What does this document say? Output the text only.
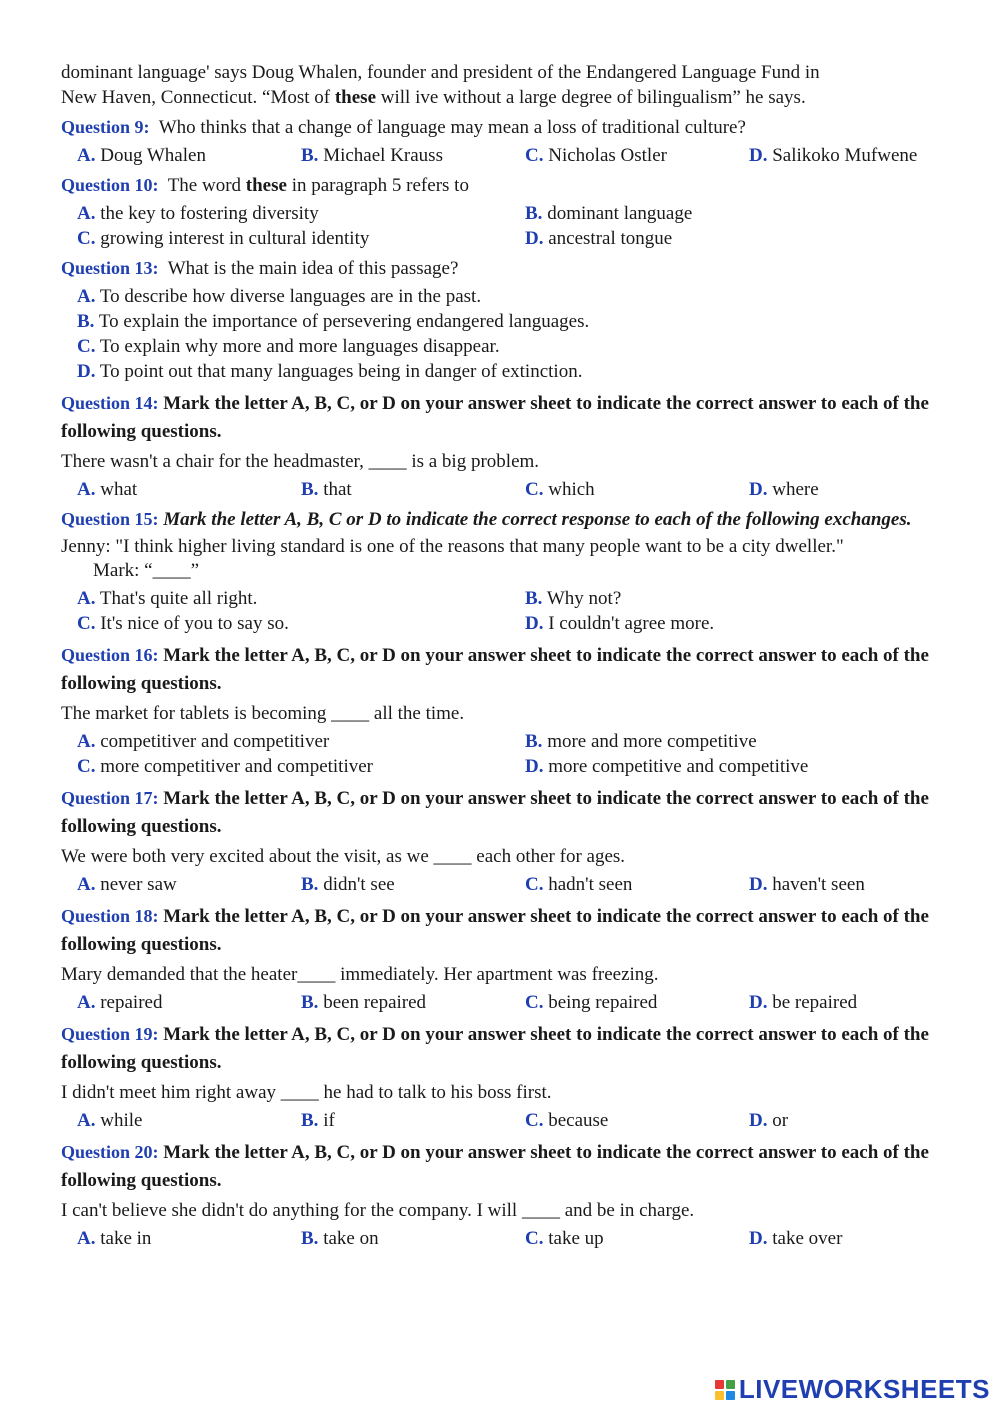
dominant language' says Doug Whalen, founder and president of the Endangered Language Fund in

New Haven, Connecticut. “Most of these will ive without a large degree of bilingualism” he says.

Question 9: Who thinks that a change of language may mean a loss of traditional culture?

A. Doug Whalen	B. Michael Krauss	C. Nicholas Ostler	D. Salikoko Mufwene

Question 10: The word these in paragraph 5 refers to

A. the key to fostering diversity	B. dominant language
C. growing interest in cultural identity	D. ancestral tongue

Question 13: What is the main idea of this passage?

A. To describe how diverse languages are in the past.
B. To explain the importance of persevering endangered languages.
C. To explain why more and more languages disappear.
D. To point out that many languages being in danger of extinction.

Question 14: Mark the letter A, B, C, or D on your answer sheet to indicate the correct answer to each of the following questions.

There wasn't a chair for the headmaster, ____ is a big problem.

A. what	B. that	C. which	D. where

Question 15: Mark the letter A, B, C or D to indicate the correct response to each of the following exchanges.

Jenny: "I think higher living standard is one of the reasons that many people want to be a city dweller."

Mark: “____”

A. That's quite all right.	B. Why not?
C. It's nice of you to say so.	D. I couldn't agree more.

Question 16: Mark the letter A, B, C, or D on your answer sheet to indicate the correct answer to each of the following questions.

The market for tablets is becoming ____ all the time.

A. competitiver and competitiver	B. more and more competitive
C. more competitiver and competitiver	D. more competitive and competitive

Question 17: Mark the letter A, B, C, or D on your answer sheet to indicate the correct answer to each of the following questions.

We were both very excited about the visit, as we ____ each other for ages.

A. never saw	B. didn't see	C. hadn't seen	D. haven't seen

Question 18: Mark the letter A, B, C, or D on your answer sheet to indicate the correct answer to each of the following questions.

Mary demanded that the heater____ immediately. Her apartment was freezing.

A. repaired	B. been repaired	C. being repaired	D. be repaired

Question 19: Mark the letter A, B, C, or D on your answer sheet to indicate the correct answer to each of the following questions.

I didn't meet him right away ____ he had to talk to his boss first.

A. while	B. if	C. because	D. or

Question 20: Mark the letter A, B, C, or D on your answer sheet to indicate the correct answer to each of the following questions.

I can't believe she didn't do anything for the company. I will ____ and be in charge.

A. take in	B. take on	C. take up	D. take over
LIVEWORKSHEETS
